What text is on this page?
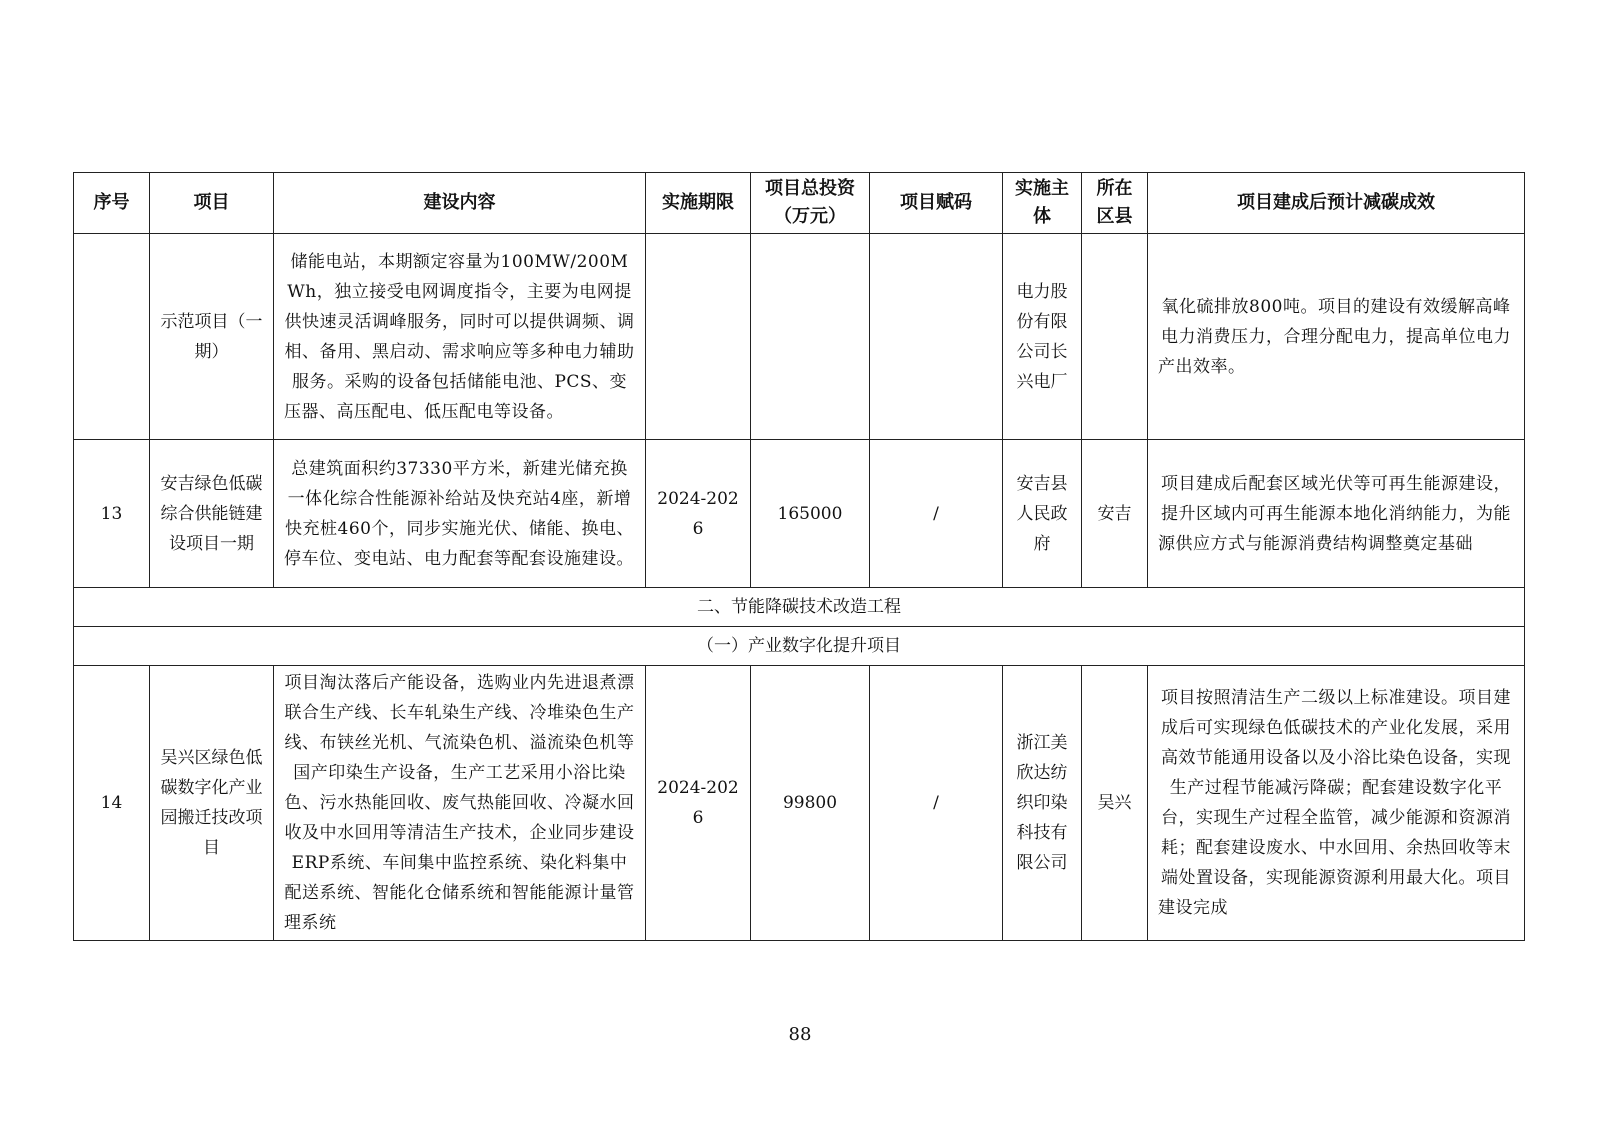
序号	项目	建设内容	实施期限	项目总投资（万元）	项目赋码	实施主体	所在区县	项目建成后预计减碳成效
	示范项目（一期）	储能电站，本期额定容量为100MW/200MWh，独立接受电网调度指令，主要为电网提供快速灵活调峰服务，同时可以提供调频、调相、备用、黑启动、需求响应等多种电力辅助服务。采购的设备包括储能电池、PCS、变压器、高压配电、低压配电等设备。				电力股份有限公司长兴电厂		氧化硫排放800吨。项目的建设有效缓解高峰电力消费压力，合理分配电力，提高单位电力产出效率。
13	安吉绿色低碳综合供能链建设项目一期	总建筑面积约37330平方米，新建光储充换一体化综合性能源补给站及快充站4座，新增快充桩460个，同步实施光伏、储能、换电、停车位、变电站、电力配套等配套设施建设。	2024-2026	165000	/	安吉县人民政府	安吉	项目建成后配套区域光伏等可再生能源建设，提升区域内可再生能源本地化消纳能力，为能源供应方式与能源消费结构调整奠定基础
二、节能降碳技术改造工程								
（一）产业数字化提升项目								
14	吴兴区绿色低碳数字化产业园搬迁技改项目	项目淘汰落后产能设备，选购业内先进退煮漂联合生产线、长车轧染生产线、冷堆染色生产线、布铗丝光机、气流染色机、溢流染色机等国产印染生产设备，生产工艺采用小浴比染色、污水热能回收、废气热能回收、冷凝水回收及中水回用等清洁生产技术，企业同步建设ERP系统、车间集中监控系统、染化料集中配送系统、智能化仓储系统和智能能源计量管理系统	2024-2026	99800	/	浙江美欣达纺织印染科技有限公司	吴兴	项目按照清洁生产二级以上标准建设。项目建成后可实现绿色低碳技术的产业化发展，采用高效节能通用设备以及小浴比染色设备，实现生产过程节能减污降碳；配套建设数字化平台，实现生产过程全监管，减少能源和资源消耗；配套建设废水、中水回用、余热回收等末端处置设备，实现能源资源利用最大化。项目建设完成
88
